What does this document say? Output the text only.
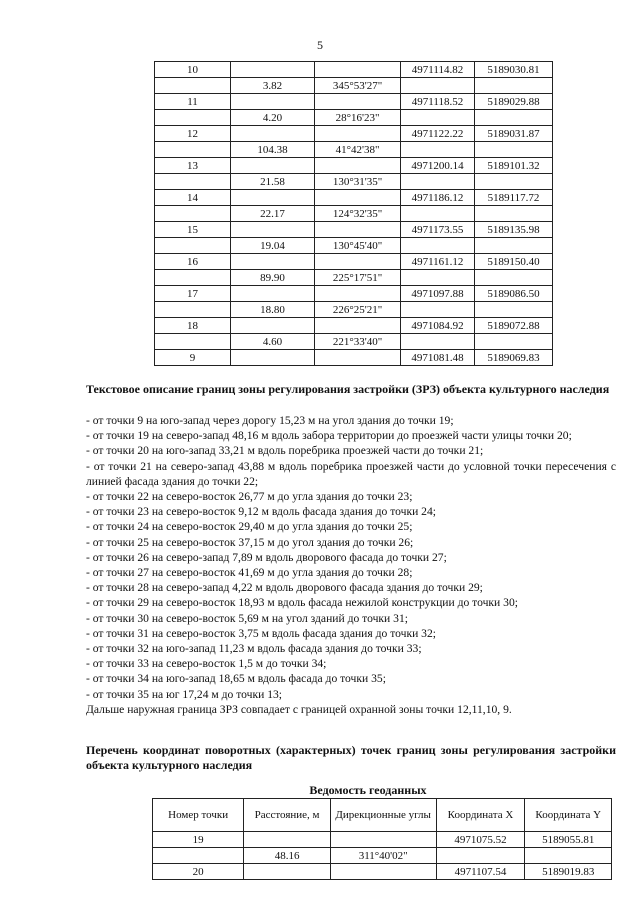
5
10			4971114.82	5189030.81
	3.82	345°53'27"		
11			4971118.52	5189029.88
	4.20	28°16'23"		
12			4971122.22	5189031.87
	104.38	41°42'38"		
13			4971200.14	5189101.32
	21.58	130°31'35"		
14			4971186.12	5189117.72
	22.17	124°32'35"		
15			4971173.55	5189135.98
	19.04	130°45'40"		
16			4971161.12	5189150.40
	89.90	225°17'51"		
17			4971097.88	5189086.50
	18.80	226°25'21"		
18			4971084.92	5189072.88
	4.60	221°33'40"		
9			4971081.48	5189069.83
Текстовое описание границ зоны регулирования застройки (ЗРЗ) объекта культурного наследия

- от точки 9 на юго-запад через дорогу 15,23 м на угол здания до точки 19;

- от точки 19 на северо-запад 48,16 м вдоль забора территории до проезжей части улицы точки 20;

- от точки 20 на юго-запад 33,21 м вдоль поребрика проезжей части до точки 21;

- от точки 21 на северо-запад 43,88 м вдоль поребрика проезжей части до условной точки пересечения с линией фасада здания до точки 22;

- от точки 22 на северо-восток 26,77 м до угла здания до точки 23;

- от точки 23 на северо-восток 9,12 м вдоль фасада здания до точки 24;

- от точки 24 на северо-восток 29,40 м до угла здания до точки 25;

- от точки 25 на северо-восток 37,15 м до угол здания до точки 26;

- от точки 26 на северо-запад 7,89 м вдоль дворового фасада до точки 27;

- от точки 27 на северо-восток 41,69 м до угла здания до точки 28;

- от точки 28 на северо-запад 4,22 м вдоль дворового фасада здания до точки 29;

- от точки 29 на северо-восток 18,93 м вдоль фасада нежилой конструкции до точки 30;

- от точки 30 на северо-восток 5,69 м на угол зданий до точки 31;

- от точки 31 на северо-восток 3,75 м вдоль фасада здания до точки 32;

- от точки 32 на юго-запад 11,23 м вдоль фасада здания до точки 33;

- от точки 33 на северо-восток 1,5 м до точки 34;

- от точки 34 на юго-запад 18,65 м вдоль фасада до точки 35;

- от точки 35 на юг 17,24 м до точки 13;

Дальше наружная граница ЗРЗ совпадает с границей охранной зоны точки 12,11,10, 9.

Перечень координат поворотных (характерных) точек границ зоны регулирования застройки объекта культурного наследия
Ведомость геоданных
Номер точки	Расстояние, м	Дирекционные углы	Координата X	Координата Y
19			4971075.52	5189055.81
	48.16	311°40'02"		
20			4971107.54	5189019.83
